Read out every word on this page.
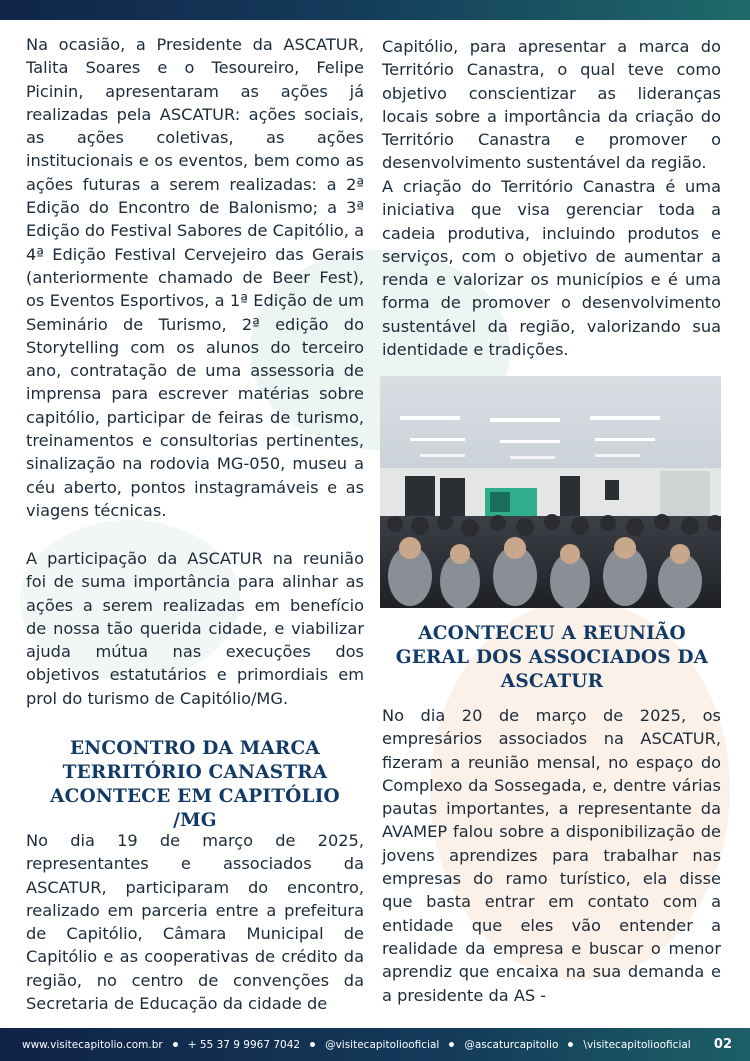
Na ocasião, a Presidente da ASCATUR, Talita Soares e o Tesoureiro, Felipe Picinin, apresentaram as ações já realizadas pela ASCATUR: ações sociais, as ações coletivas, as ações institucionais e os eventos, bem como as ações futuras a serem realizadas: a 2ª Edição do Encontro de Balonismo; a 3ª Edição do Festival Sabores de Capitólio, a 4ª Edição Festival Cervejeiro das Gerais (anteriormente chamado de Beer Fest), os Eventos Esportivos, a 1ª Edição de um Seminário de Turismo, 2ª edição do Storytelling com os alunos do terceiro ano, contratação de uma assessoria de imprensa para escrever matérias sobre capitólio, participar de feiras de turismo, treinamentos e consultorias pertinentes, sinalização na rodovia MG-050, museu a céu aberto, pontos instagramáveis e as viagens técnicas.

A participação da ASCATUR na reunião foi de suma importância para alinhar as ações a serem realizadas em benefício de nossa tão querida cidade, e viabilizar ajuda mútua nas execuções dos objetivos estatutários e primordiais em prol do turismo de Capitólio/MG.

ENCONTRO DA MARCA TERRITÓRIO CANASTRA ACONTECE EM CAPITÓLIO /MG

No dia 19 de março de 2025, representantes e associados da ASCATUR, participaram do encontro, realizado em parceria entre a prefeitura de Capitólio, Câmara Municipal de Capitólio e as cooperativas de crédito da região, no centro de convenções da Secretaria de Educação da cidade de

Capitólio, para apresentar a marca do Território Canastra, o qual teve como objetivo conscientizar as lideranças locais sobre a importância da criação do Território Canastra e promover o desenvolvimento sustentável da região.

A criação do Território Canastra é uma iniciativa que visa gerenciar toda a cadeia produtiva, incluindo produtos e serviços, com o objetivo de aumentar a renda e valorizar os municípios e é uma forma de promover o desenvolvimento sustentável da região, valorizando sua identidade e tradições.

ACONTECEU A REUNIÃO GERAL DOS ASSOCIADOS DA ASCATUR

No dia 20 de março de 2025, os empresários associados na ASCATUR, fizeram a reunião mensal, no espaço do Complexo da Sossegada, e, dentre várias pautas importantes, a representante da AVAMEP falou sobre a disponibilização de jovens aprendizes para trabalhar nas empresas do ramo turístico, ela disse que basta entrar em contato com a entidade que eles vão entender a realidade da empresa e buscar o menor aprendiz que encaixa na sua demanda e a presidente da AS -

www.visitecapitolio.com.br + 55 37 9 9967 7042 @visitecapitoliooficial @ascaturcapitolio \visitecapitoliooficial 02
